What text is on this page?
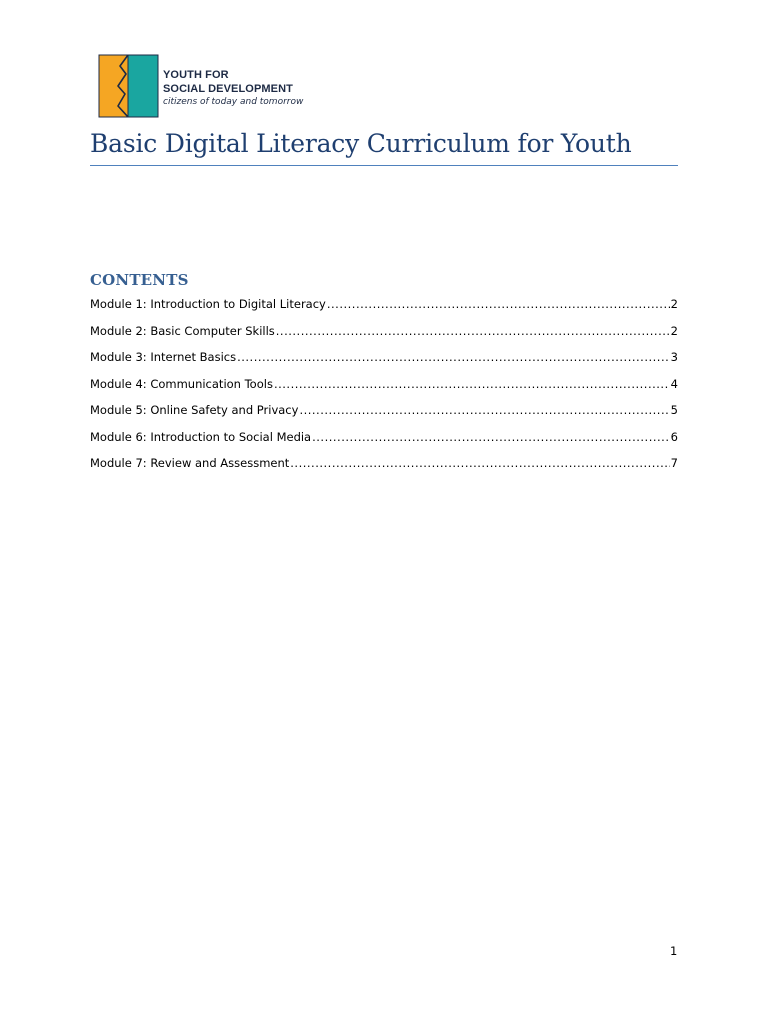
YOUTH FOR
SOCIAL DEVELOPMENT
citizens of today and tomorrow
Basic Digital Literacy Curriculum for Youth
CONTENTS
Module 1: Introduction to Digital Literacy .....	2
Module 2: Basic Computer Skills .....	2
Module 3: Internet Basics .....	3
Module 4: Communication Tools .....	4
Module 5: Online Safety and Privacy .....	5
Module 6: Introduction to Social Media .....	6
Module 7: Review and Assessment .....	7
1
